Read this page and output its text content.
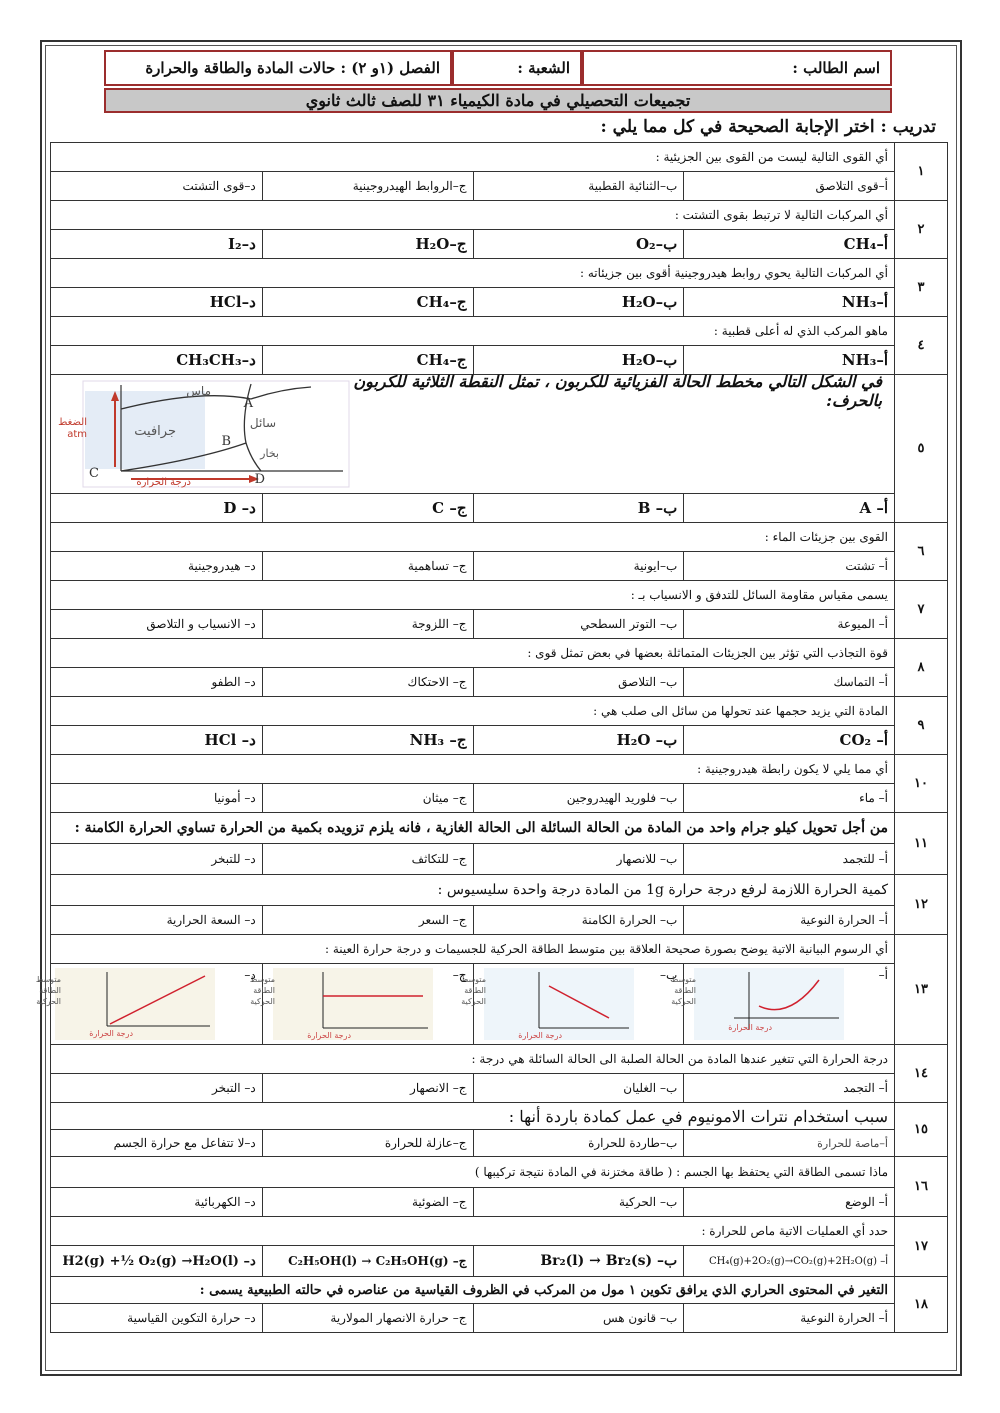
اسم الطالب :
الشعبة :
الفصل (١و ٢) : حالات المادة والطاقة والحرارة
تجميعات التحصيلي في مادة الكيمياء ٣١ للصف ثالث ثانوي
تدريب : اختر الإجابة الصحيحة في كل مما يلي :
١
أي القوى التالية ليست من القوى بين الجزيئية :
أ–قوى التلاصق
ب–الثنائية القطبية
ج–الروابط الهيدروجينية
د–قوى التشتت
٢
أي المركبات التالية لا ترتبط بقوى التشتت :
أ–CH₄
ب–O₂
ج–H₂O
د–I₂
٣
أي المركبات التالية يحوي روابط هيدروجينية أقوى بين جزيئاته :
أ–NH₃
ب–H₂O
ج–CH₄
د–HCl
٤
ماهو المركب الذي له أعلى قطبية :
أ–NH₃
ب–H₂O
ج–CH₄
د–CH₃CH₃
٥
في الشكل التالي مخطط الحالة الفزيائية للكربون ، تمثل النقطة الثلاثية للكربون بالحرف:
الضغط
atm
درجة الحرارة
ماس
سائل
جرافيت
بخار
A
B
C	D
أ– A
ب– B
ج– C
د– D
٦
القوى بين جزيئات الماء :
أ– تشتت
ب–ايونية
ج– تساهمية
د– هيدروجينية
٧
يسمى مقياس مقاومة السائل للتدفق و الانسياب بـ :
أ– الميوعة
ب– التوتر السطحي
ج– اللزوجة
د– الانسياب و التلاصق
٨
قوة التجاذب التي تؤثر بين الجزيئات المتماثلة بعضها في بعض تمثل قوى :
أ– التماسك
ب– التلاصق
ج– الاحتكاك
د– الطفو
٩
المادة التي يزيد حجمها عند تحولها من سائل الى صلب هي :
أ– CO₂
ب– H₂O
ج– NH₃
د– HCl
١٠
أي مما يلي لا يكون رابطة هيدروجينية :
أ– ماء
ب– فلوريد الهيدروجين
ج– ميثان
د– أمونيا
١١
من أجل تحويل كيلو جرام واحد من المادة من الحالة السائلة الى الحالة الغازية ، فانه يلزم تزويده بكمية من الحرارة تساوي الحرارة الكامنة :
أ– للتجمد
ب– للانصهار
ج– للتكاثف
د– للتبخر
١٢
كمية الحرارة اللازمة لرفع درجة حرارة 1g من المادة درجة واحدة سليسيوس :
أ– الحرارة النوعية
ب– الحرارة الكامنة
ج– السعر
د– السعة الحرارية
١٣
أي الرسوم البيانية الاتية يوضح بصورة صحيحة العلاقة بين متوسط الطاقة الحركية للجسيمات و درجة حرارة العينة :
أ–
متوسط
الطاقة
الحركية
درجة الحرارة
ب–
متوسط
الطاقة
الحركية
درجة الحرارة
ج–
متوسط
الطاقة
الحركية
درجة الحرارة
د–
متوسط
الطاقة
الحركية
درجة الحرارة
١٤
درجة الحرارة التي تتغير عندها المادة من الحالة الصلبة الى الحالة السائلة هي درجة :
أ– التجمد
ب– الغليان
ج– الانصهار
د– التبخر
١٥
سبب استخدام نترات الامونيوم في عمل كمادة باردة أنها :
أ–ماصة للحرارة
ب–طاردة للحرارة
ج–عازلة للحرارة
د–لا تتفاعل مع حرارة الجسم
١٦
ماذا تسمى الطاقة التي يحتفظ بها الجسم : ( طاقة مختزنة في المادة نتيجة تركيبها )
أ– الوضع
ب– الحركية
ج– الضوئية
د– الكهربائية
١٧
حدد أي العمليات الاتية ماص للحرارة :
أ– CH₄(g)+2O₂(g)→CO₂(g)+2H₂O(g)
ب– Br₂(l) → Br₂(s)
ج– C₂H₅OH(l) → C₂H₅OH(g)
د– H2(g) +½ O₂(g) →H₂O(l)
١٨
التغير في المحتوى الحراري الذي يرافق تكوين ١ مول من المركب في الظروف القياسية من عناصره في حالته الطبيعية يسمى :
أ– الحرارة النوعية
ب– قانون هس
ج– حرارة الانصهار المولارية
د– حرارة التكوين القياسية
